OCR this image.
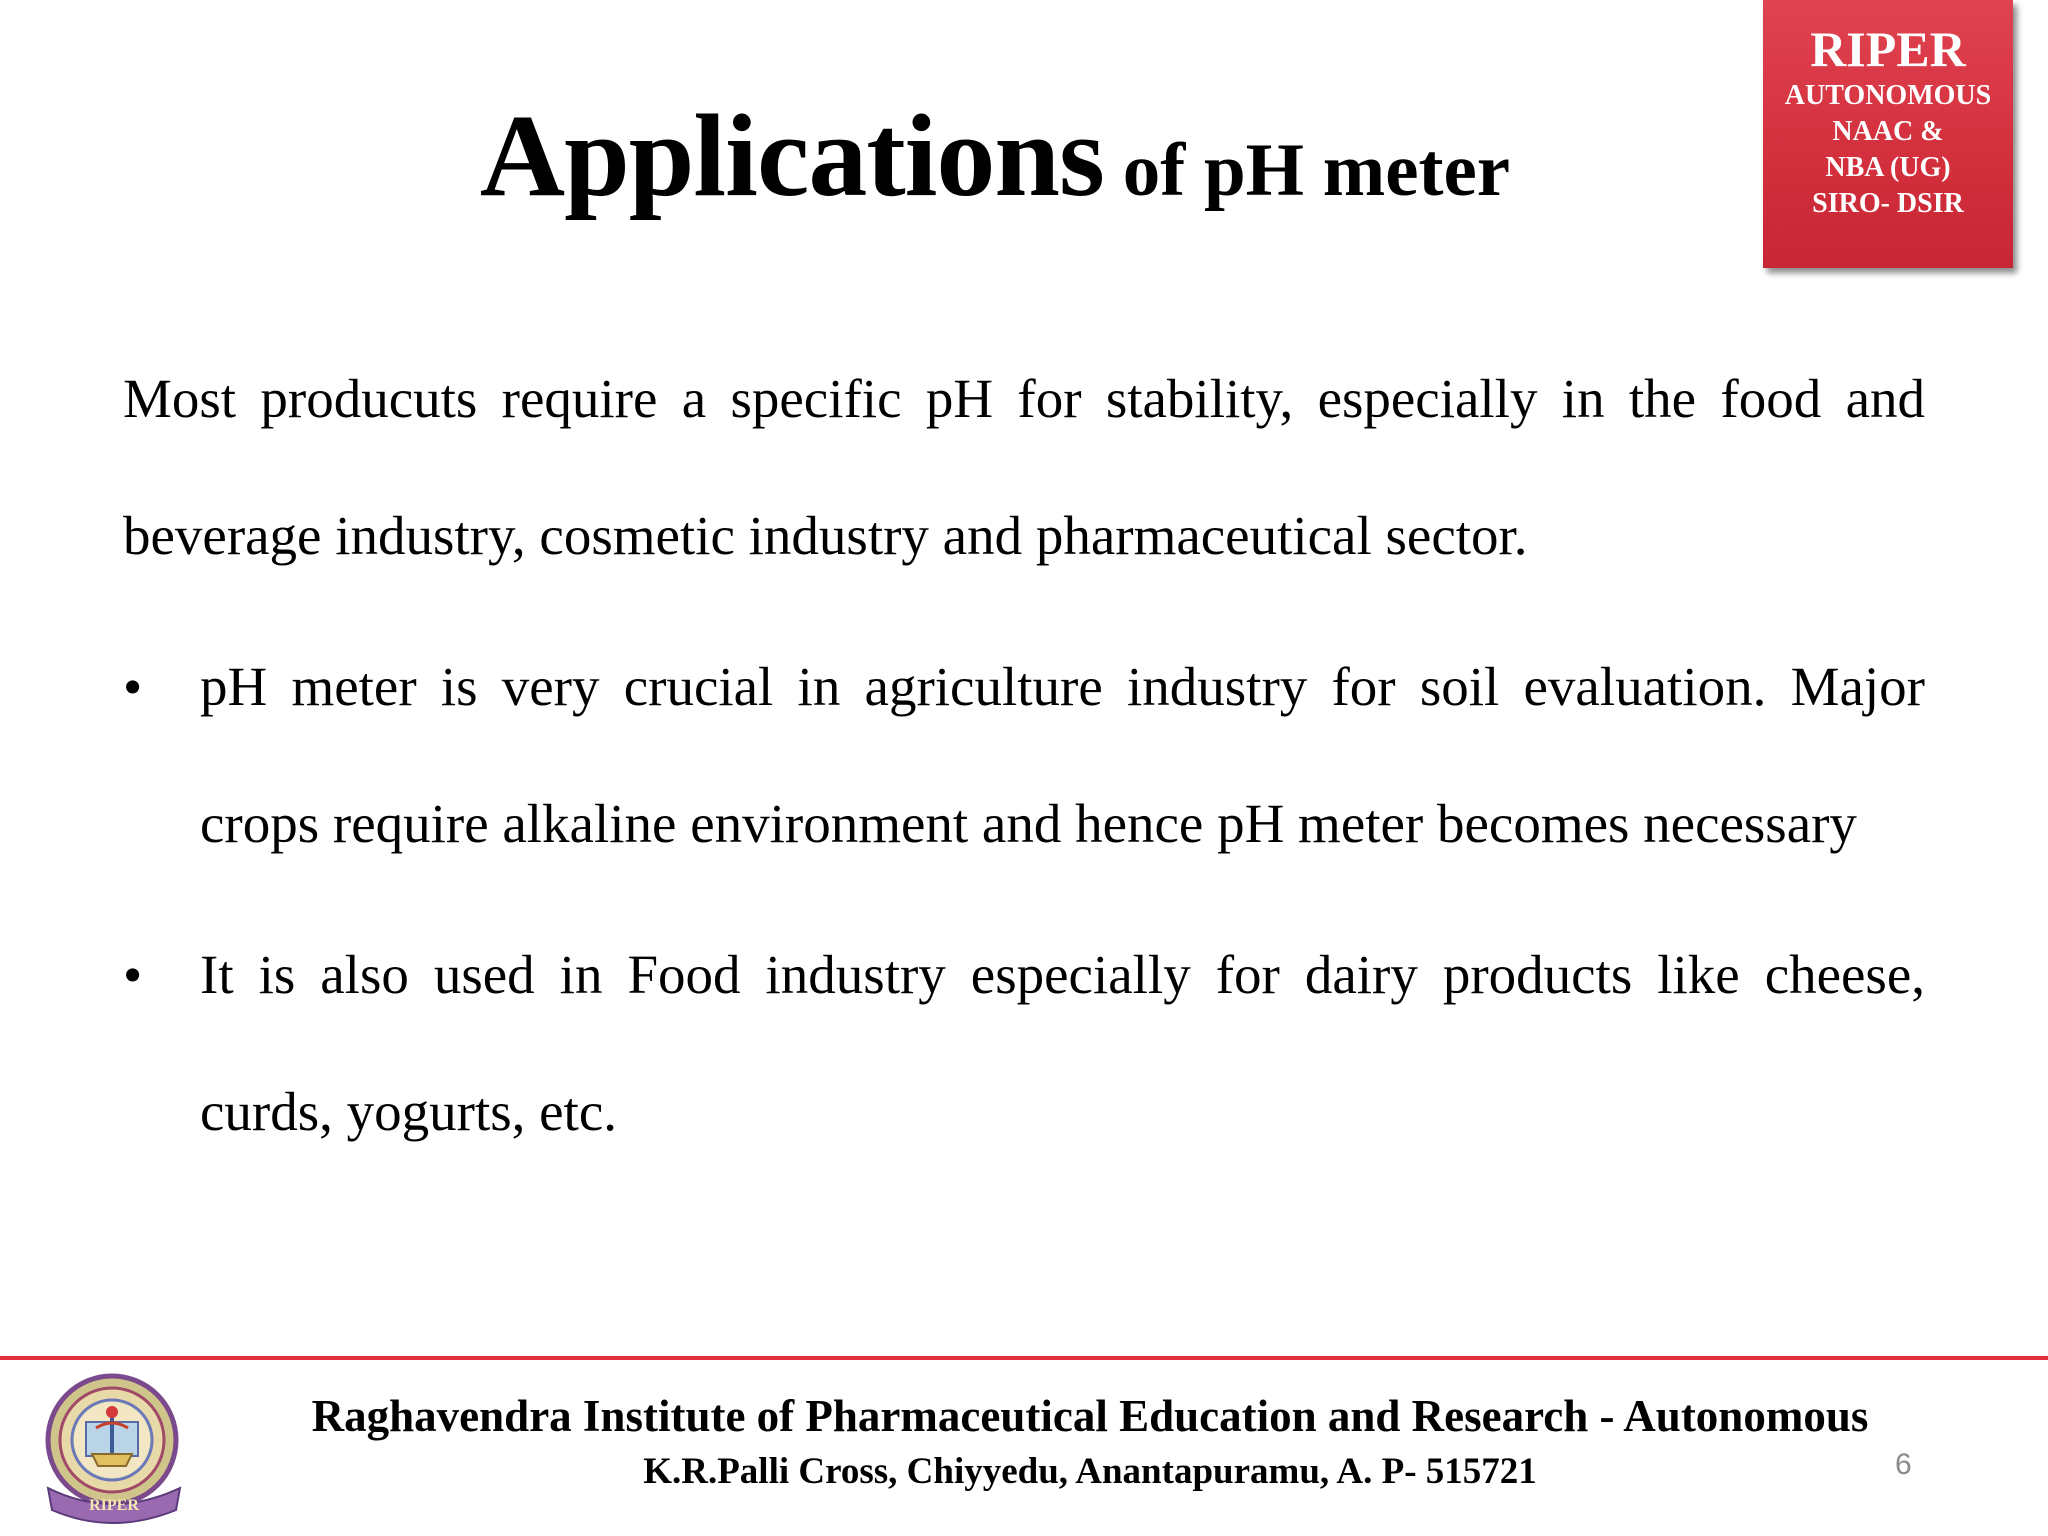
Applications of pH meter
RIPER
AUTONOMOUS
NAAC &
NBA (UG)
SIRO- DSIR

Most producuts require a specific pH for stability, especially in the food and beverage industry, cosmetic industry and pharmaceutical sector.

• pH meter is very crucial in agriculture industry for soil evaluation. Major crops require alkaline environment and hence pH meter becomes necessary
• It is also used in Food industry especially for dairy products like cheese, curds, yogurts, etc.
RIPER
Raghavendra Institute of Pharmaceutical Education and Research - Autonomous
K.R.Palli Cross, Chiyyedu, Anantapuramu, A. P- 515721	6
